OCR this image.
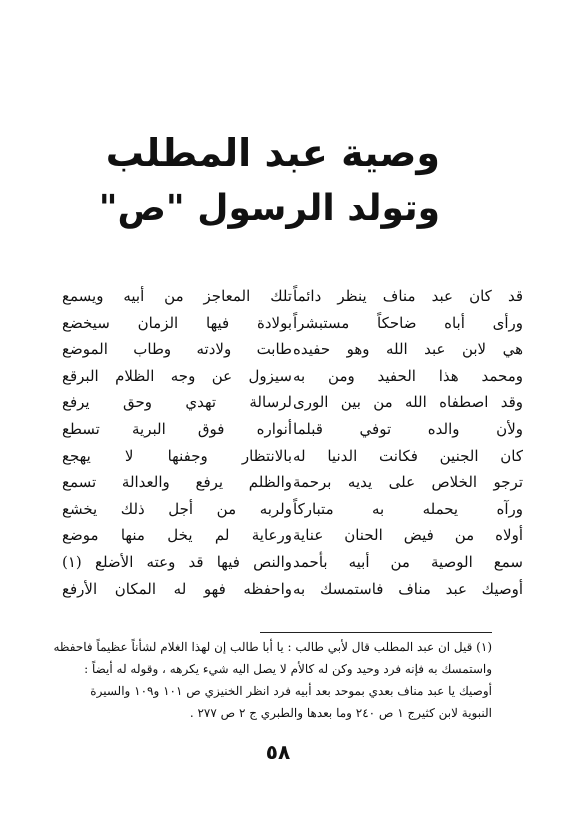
وصية عبد المطلب
وتولد الرسول "ص"
قد كان عبد مناف ينظر دائماً
ورأى أباه ضاحكاً مستبشراً
هي لابن عبد الله وهو حفيده
ومحمد هذا الحفيد ومن به
وقد اصطفاه الله من بين الورى
ولأن والده توفي قبلما
كان الجنين فكانت الدنيا له
ترجو الخلاص على يديه برحمة
ورآه يحمله به متباركاً
أولاه من فيض الحنان عناية
سمع الوصية من أبيه بأحمد
أوصيك عبد مناف فاستمسك به
تلك المعاجز من أبيه ويسمع
بولادة فيها الزمان سيخضع
طابت ولادته وطاب الموضع
سيزول عن وجه الظلام البرقع
لرسالة تهدي وحق يرفع
أنواره فوق البرية تسطع
بالانتظار وجفنها لا يهجع
والظلم يرفع والعدالة تسمع
ولربه من أجل ذلك يخشع
ورعاية لم يخل منها موضع
والنص فيها قد وعته الأضلع (١)
واحفظه فهو له المكان الأرفع
(١) قيل ان عبد المطلب قال لأبي طالب : يا أبا طالب إن لهذا الغلام لشأناً عظيماً فاحفظه
واستمسك به فإنه فرد وحيد وكن له كالأم لا يصل اليه شيء يكرهه ، وقوله له أيضاً :
أوصيك يا عبد مناف بعدي بموحد بعد أبيه فرد انظر الخنيزي ص ١٠١ و١٠٩ والسيرة
النبوية لابن كثيرج ١ ص ٢٤٠ وما بعدها والطبري ج ٢ ص ٢٧٧ .
٥٨
